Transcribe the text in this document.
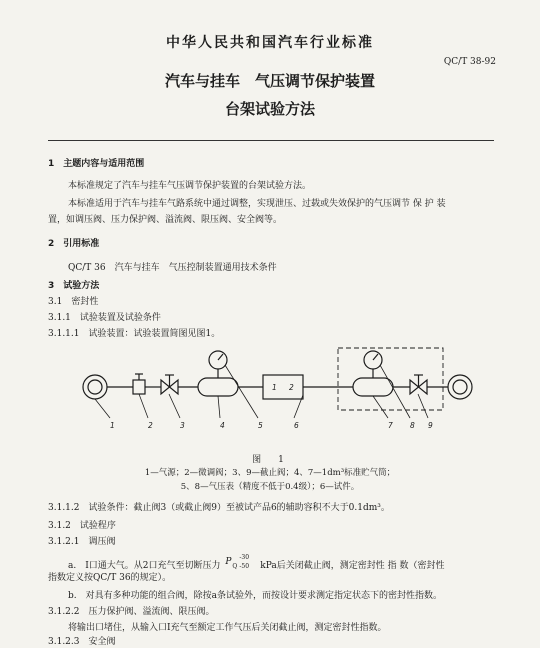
中华人民共和国汽车行业标准
QC/T 38-92
汽车与挂车　气压调节保护装置
台架试验方法
1　主题内容与适用范围
本标准规定了汽车与挂车气压调节保护装置的台架试验方法。
本标准适用于汽车与挂车气路系统中通过调整，实现泄压、过载或失效保护的气压调节 保 护 装
置，如调压阀、压力保护阀、溢流阀、限压阀、安全阀等。
2　引用标准
QC/T 36　汽车与挂车　气压控制装置通用技术条件
3　试验方法
3.1　密封性
3.1.1　试验装置及试验条件
3.1.1.1　试验装置：试验装置简图见图1。
1 2
1	2	3	4	5	6	7 8 9
图　1
1—气源；2—微调阀；3、9—截止阀；4、7—1dm³标准贮气筒；
5、8—气压表（精度不低于0.4级）；6—试件。
3.1.1.2　试验条件：截止阀3（或截止阀9）至被试产品6的辅助容积不大于0.1dm³。
3.1.2　试验程序
3.1.2.1　调压阀
a.　Ⅰ口通大气。从2口充气至切断压力 P Q
-30
-50 kPa后关闭截止阀，测定密封性 指 数（密封性
指数定义按QC/T 36的规定）。
b.　对具有多种功能的组合阀，除按a条试验外，而按设计要求测定指定状态下的密封性指数。
3.1.2.2　压力保护阀、溢流阀、限压阀。
将输出口堵住，从输入口Ⅰ充气至额定工作气压后关闭截止阀，测定密封性指数。
3.1.2.3　安全阀
